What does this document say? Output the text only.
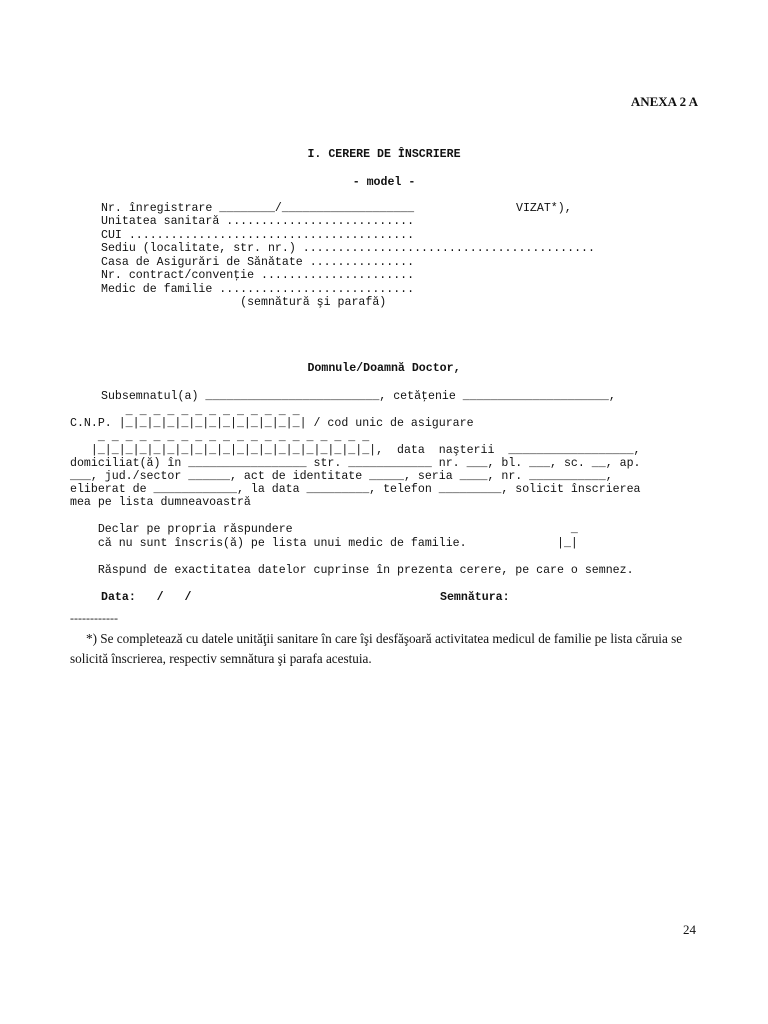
ANEXA 2 A
I. CERERE DE ÎNSCRIERE
- model -
Nr. înregistrare ________/___________________
Unitatea sanitară ...........................
CUI .........................................
Sediu (localitate, str. nr.) ..........................................
Casa de Asigurări de Sănătate ...............
Nr. contract/convenţie ......................
Medic de familie ............................
(semnătură şi parafă)
VIZAT*),
Domnule/Doamnă Doctor,
Subsemnatul(a) _________________________, cetăţenie _____________________,
_ _ _ _ _ _ _ _ _ _ _ _ _
C.N.P. |_|_|_|_|_|_|_|_|_|_|_|_|_| / cod unic de asigurare
_ _ _ _ _ _ _ _ _ _ _ _ _ _ _ _ _ _ _ _
|_|_|_|_|_|_|_|_|_|_|_|_|_|_|_|_|_|_|_|_|,  data  naşterii  __________________,
domiciliat(ă) în _________________ str. ____________ nr. ___, bl. ___, sc. __, ap.
___, jud./sector ______, act de identitate _____, seria ____, nr. ___________,
eliberat de ____________, la data _________, telefon _________, solicit înscrierea
mea pe lista dumneavoastră
Declar pe propria răspundere                                        _
că nu sunt înscris(ă) pe lista unui medic de familie.             |_|
Răspund de exactitatea datelor cuprinse în prezenta cerere, pe care o semnez.
Data:   /   /	Semnătura:
------------
*) Se completează cu datele unităţii sanitare în care îşi desfăşoară activitatea medicul de familie pe lista căruia se solicită înscrierea, respectiv semnătura şi parafa acestuia.
24
